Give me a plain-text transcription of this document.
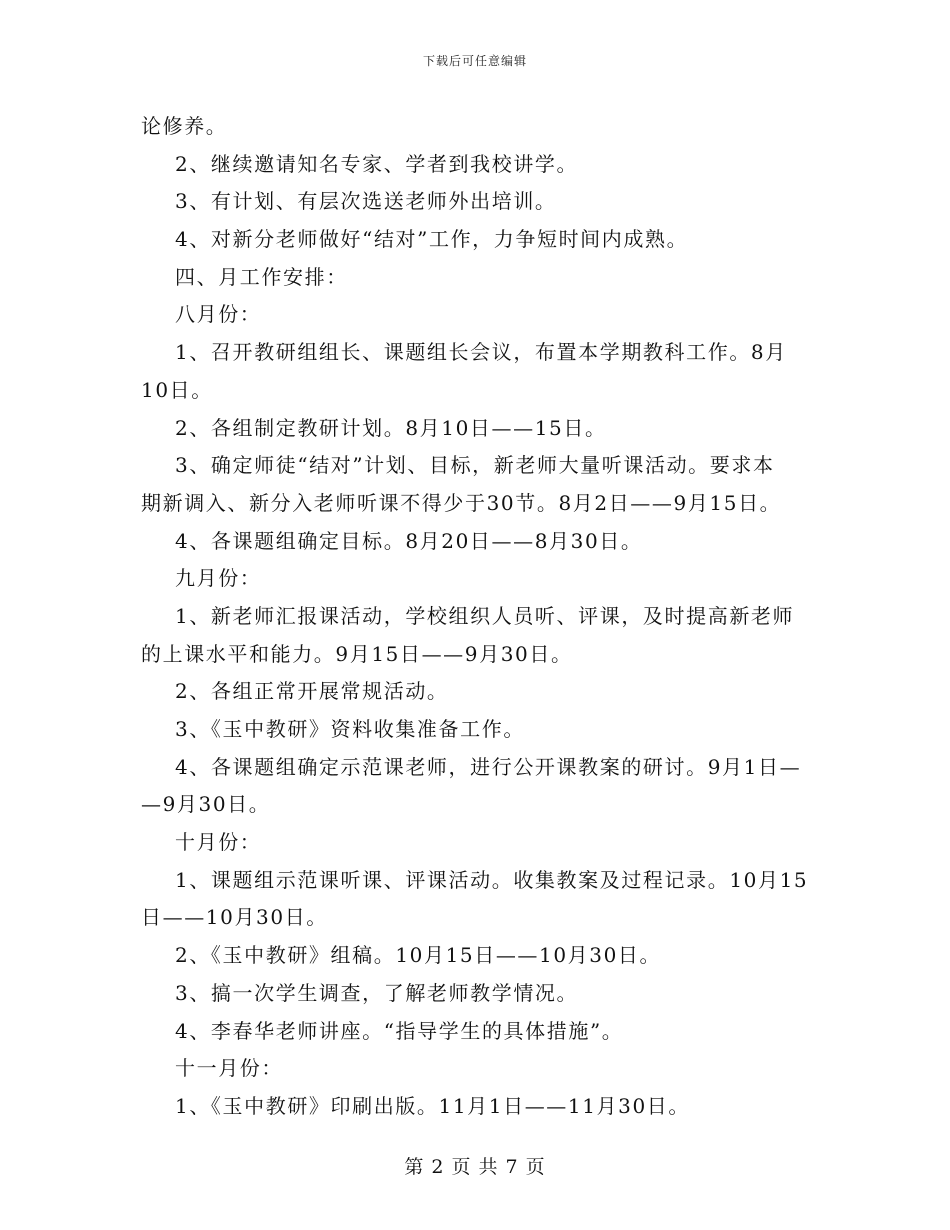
下载后可任意编辑
论修养。
2、继续邀请知名专家、学者到我校讲学。
3、有计划、有层次选送老师外出培训。
4、对新分老师做好“结对”工作，力争短时间内成熟。
四、月工作安排：
八月份：
1、召开教研组组长、课题组长会议，布置本学期教科工作。8月
10日。
2、各组制定教研计划。8月10日——15日。
3、确定师徒“结对”计划、目标，新老师大量听课活动。要求本
期新调入、新分入老师听课不得少于30节。8月2日——9月15日。
4、各课题组确定目标。8月20日——8月30日。
九月份：
1、新老师汇报课活动，学校组织人员听、评课，及时提高新老师
的上课水平和能力。9月15日——9月30日。
2、各组正常开展常规活动。
3、《玉中教研》资料收集准备工作。
4、各课题组确定示范课老师，进行公开课教案的研讨。9月1日—
—9月30日。
十月份：
1、课题组示范课听课、评课活动。收集教案及过程记录。10月15
日——10月30日。
2、《玉中教研》组稿。10月15日——10月30日。
3、搞一次学生调查，了解老师教学情况。
4、李春华老师讲座。“指导学生的具体措施”。
十一月份：
1、《玉中教研》印刷出版。11月1日——11月30日。
第 2 页 共 7 页
